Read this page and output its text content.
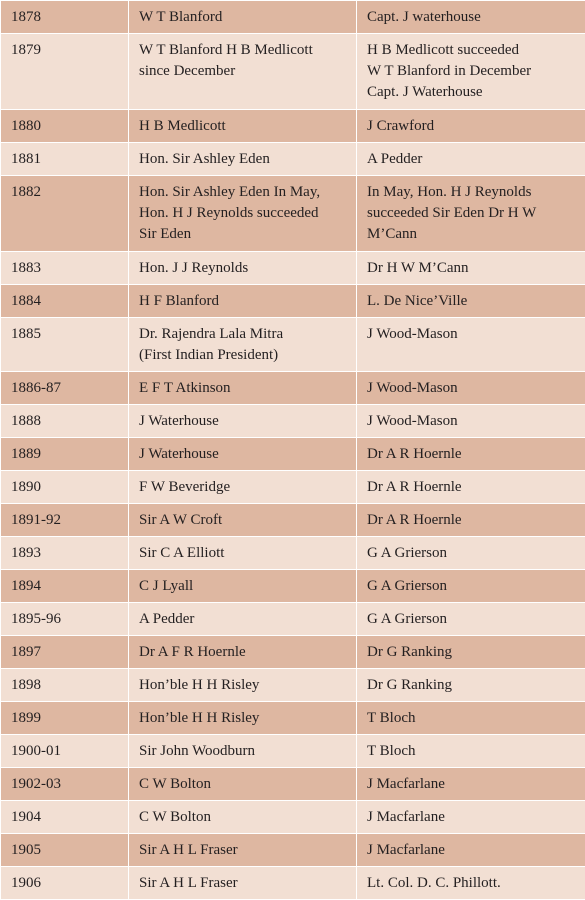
1878	W T Blanford	Capt. J waterhouse

1879	W T Blanford H B Medlicott
since December	H B Medlicott succeeded
W T Blanford in December
Capt. J Waterhouse

1880	H B Medlicott	J Crawford

1881	Hon. Sir Ashley Eden	A Pedder

1882	Hon. Sir Ashley Eden In May,
Hon. H J Reynolds succeeded
Sir Eden	In May, Hon. H J Reynolds
succeeded Sir Eden Dr H W
M’Cann

1883	Hon. J J Reynolds	Dr H W M’Cann

1884	H F Blanford	L. De Nice’Ville

1885	Dr. Rajendra Lala Mitra
(First Indian President)	J Wood-Mason

1886-87	E F T Atkinson	J Wood-Mason

1888	J Waterhouse	J Wood-Mason

1889	J Waterhouse	Dr A R Hoernle

1890	F W Beveridge	Dr A R Hoernle

1891-92	Sir A W Croft	Dr A R Hoernle

1893	Sir C A Elliott	G A Grierson

1894	C J Lyall	G A Grierson

1895-96	A Pedder	G A Grierson

1897	Dr A F R Hoernle	Dr G Ranking

1898	Hon’ble H H Risley	Dr G Ranking

1899	Hon’ble H H Risley	T Bloch

1900-01	Sir John Woodburn	T Bloch

1902-03	C W Bolton	J Macfarlane

1904	C W Bolton	J Macfarlane

1905	Sir A H L Fraser	J Macfarlane

1906	Sir A H L Fraser	Lt. Col. D. C. Phillott.
